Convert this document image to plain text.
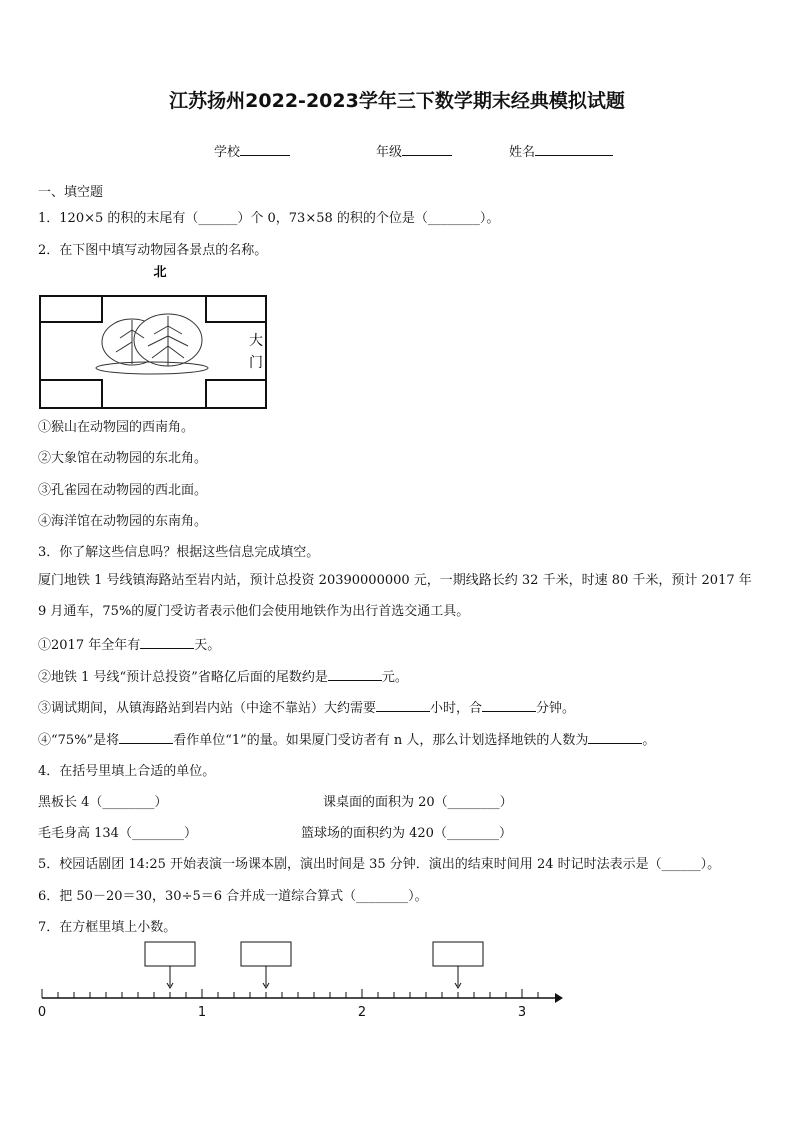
江苏扬州2022-2023学年三下数学期末经典模拟试题
学校	年级	姓名
一、填空题
1．120×5 的积的末尾有（______）个 0，73×58 的积的个位是（________）。
2．在下图中填写动物园各景点的名称。
北
大
门
①猴山在动物园的西南角。
②大象馆在动物园的东北角。
③孔雀园在动物园的西北面。
④海洋馆在动物园的东南角。
3．你了解这些信息吗？根据这些信息完成填空。
厦门地铁 1 号线镇海路站至岩内站，预计总投资 20390000000 元，一期线路长约 32 千米，时速 80 千米，预计 2017 年 9 月通车，75%的厦门受访者表示他们会使用地铁作为出行首选交通工具。
①2017 年全年有	天。
②地铁 1 号线“预计总投资”省略亿后面的尾数约是	元。
③调试期间，从镇海路站到岩内站（中途不靠站）大约需要	小时，合	分钟。
④“75%”是将	看作单位“1”的量。如果厦门受访者有 n 人，那么计划选择地铁的人数为	。
4．在括号里填上合适的单位。
黑板长 4（________）	课桌面的面积为 20（________）
毛毛身高 134（________）	篮球场的面积约为 420（________）
5．校园话剧团 14:25 开始表演一场课本剧，演出时间是 35 分钟．演出的结束时间用 24 时记时法表示是（______）。
6．把 50－20＝30，30÷5＝6 合并成一道综合算式（________）。
7．在方框里填上小数。
0	1	2	3
